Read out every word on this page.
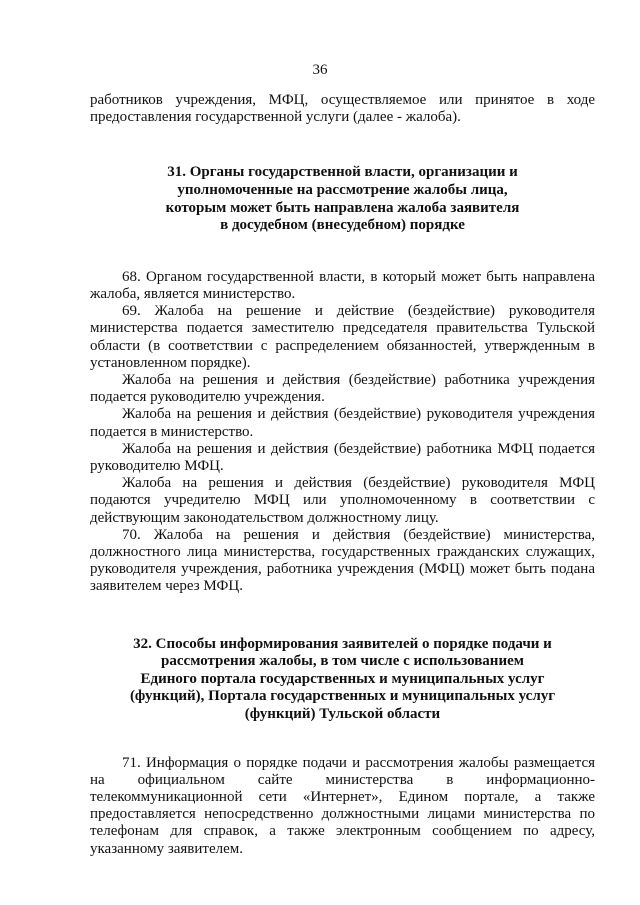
36

работников учреждения, МФЦ, осуществляемое или принятое в ходе предоставления государственной услуги (далее - жалоба).

31. Органы государственной власти, организации и
уполномоченные на рассмотрение жалобы лица,
которым может быть направлена жалоба заявителя
в досудебном (внесудебном) порядке

68. Органом государственной власти, в который может быть направлена жалоба, является министерство.

69. Жалоба на решение и действие (бездействие) руководителя министерства подается заместителю председателя правительства Тульской области (в соответствии с распределением обязанностей, утвержденным в установленном порядке).

Жалоба на решения и действия (бездействие) работника учреждения подается руководителю учреждения.

Жалоба на решения и действия (бездействие) руководителя учреждения подается в министерство.

Жалоба на решения и действия (бездействие) работника МФЦ подается руководителю МФЦ.

Жалоба на решения и действия (бездействие) руководителя МФЦ подаются учредителю МФЦ или уполномоченному в соответствии с действующим законодательством должностному лицу.

70. Жалоба на решения и действия (бездействие) министерства, должностного лица министерства, государственных гражданских служащих, руководителя учреждения, работника учреждения (МФЦ) может быть подана заявителем через МФЦ.

32. Способы информирования заявителей о порядке подачи и
рассмотрения жалобы, в том числе с использованием
Единого портала государственных и муниципальных услуг
(функций), Портала государственных и муниципальных услуг
(функций) Тульской области

71. Информация о порядке подачи и рассмотрения жалобы размещается на официальном сайте министерства в информационно-телекоммуникационной сети «Интернет», Едином портале, а также предоставляется непосредственно должностными лицами министерства по телефонам для справок, а также электронным сообщением по адресу, указанному заявителем.
